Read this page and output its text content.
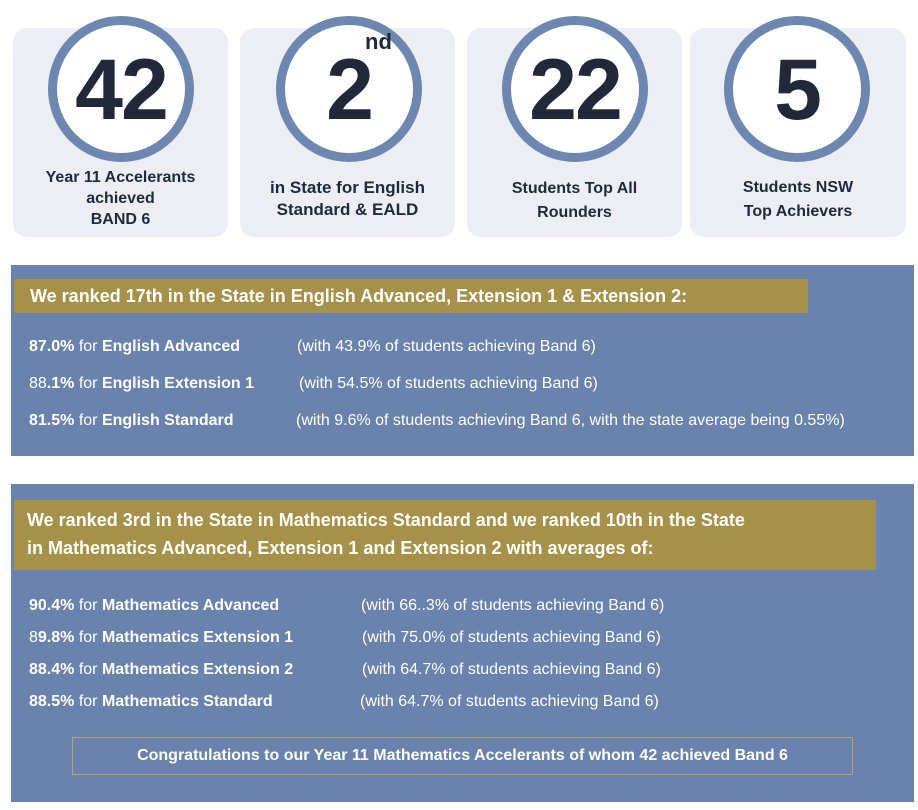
42
Year 11 Accelerants
achieved
BAND 6
2
nd
in State for English
Standard & EALD
22
Students Top All
Rounders
5
Students NSW
Top Achievers
We ranked 17th in the State in English Advanced, Extension 1 & Extension 2:
87.0% for English Advanced	(with 43.9% of students achieving Band 6)
88.1% for English Extension 1	(with 54.5% of students achieving Band 6)
81.5% for English Standard	(with 9.6% of students achieving Band 6, with the state average being 0.55%)
We ranked 3rd in the State in Mathematics Standard and we ranked 10th in the State
in Mathematics Advanced, Extension 1 and Extension 2 with averages of:
90.4% for Mathematics Advanced	(with 66..3% of students achieving Band 6)
89.8% for Mathematics Extension 1	(with 75.0% of students achieving Band 6)
88.4% for Mathematics Extension 2	(with 64.7% of students achieving Band 6)
88.5% for Mathematics Standard	(with 64.7% of students achieving Band 6)
Congratulations to our Year 11 Mathematics Accelerants of whom 42 achieved Band 6
